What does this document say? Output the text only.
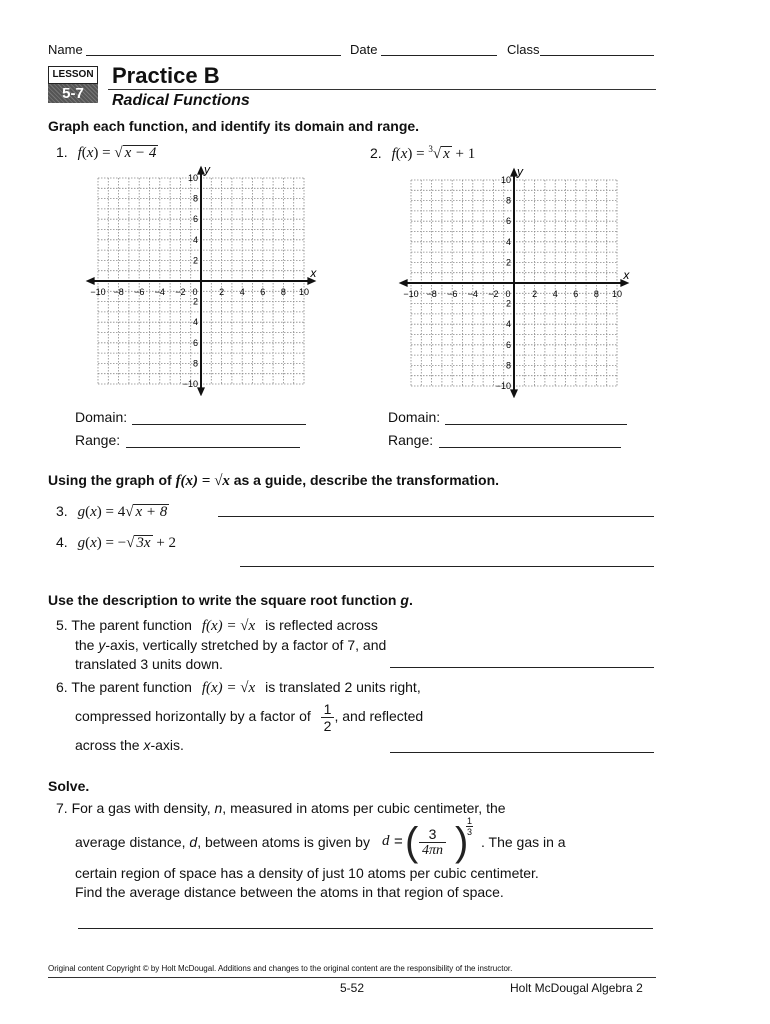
Name	Date	Class
LESSON
5-7
Practice B
Radical Functions
Graph each function, and identify its domain and range.
1. f(x) = √ x − 4	2. f(x) = $^3$√ x + 1
x
y
−10 −8 −6 −4 −2 0 2 4 6 8 10
10
8
6
4
2
2
4
6
8
−10
x
y
−10 −8 −6 −4 −2 0 2 4 6 8 10
10
8
6
4
2
2
4
6
8
−10
Domain:
Range:
Domain:
Range:
Using the graph of f(x) = √x as a guide, describe the transformation.
3. g(x) = 4√ x + 8
4. g(x) = −√ 3x + 2
Use the description to write the square root function g.
5. The parent function f(x) = √x is reflected across
the y-axis, vertically stretched by a factor of 7, and
translated 3 units down.
6. The parent function f(x) = √x is translated 2 units right,
compressed horizontally by a factor of $\frac{1}{2}$ , and reflected
across the x-axis.
Solve.
7. For a gas with density, n, measured in atoms per cubic centimeter, the
average distance, d, between atoms is given by d = ( $\frac{3}{4\pi n}$ )
1
3
. The gas in a
certain region of space has a density of just 10 atoms per cubic centimeter.
Find the average distance between the atoms in that region of space.
Original content Copyright © by Holt McDougal. Additions and changes to the original content are the responsibility of the instructor.
5-52	Holt McDougal Algebra 2
